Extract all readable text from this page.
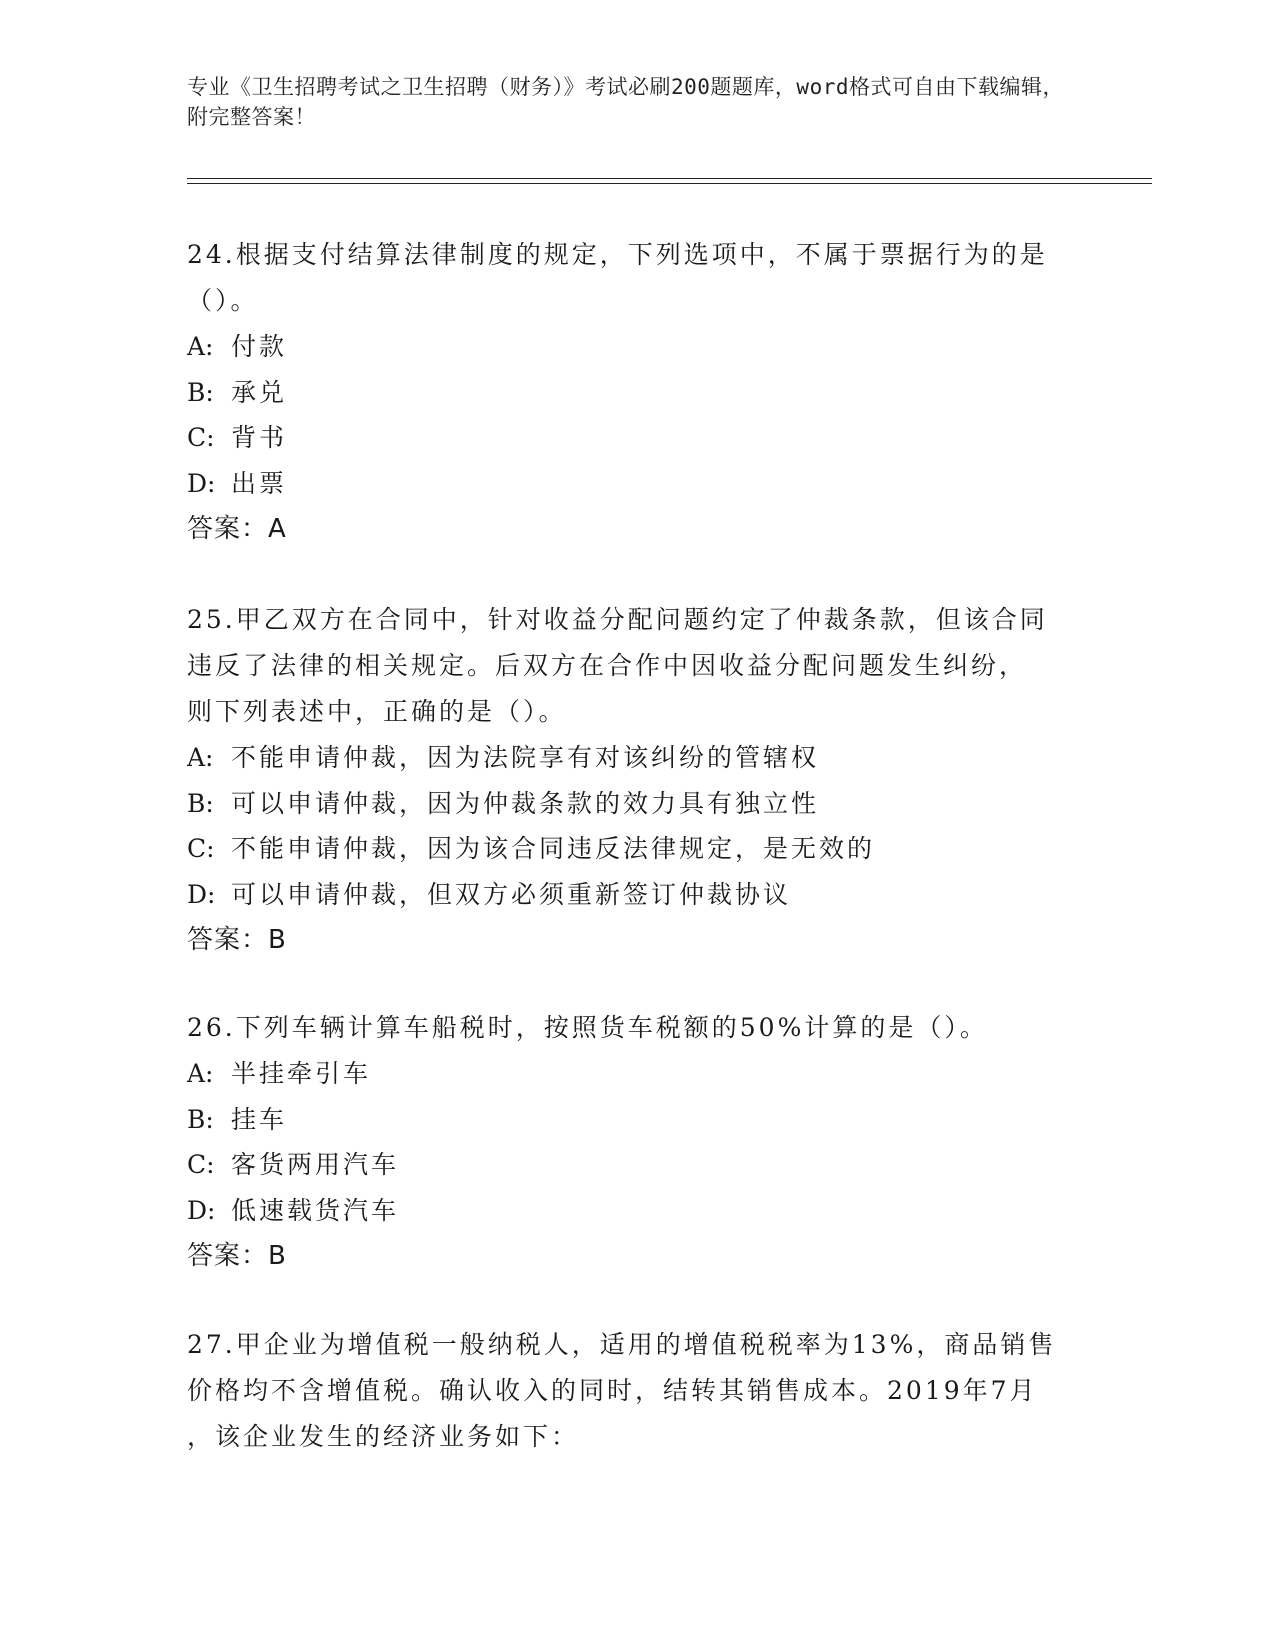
专业《卫生招聘考试之卫生招聘（财务）》考试必刷200题题库，word格式可自由下载编辑，附完整答案！

24.根据支付结算法律制度的规定，下列选项中，不属于票据行为的是

（）。

A: 付款

B: 承兑

C: 背书

D: 出票

答案：A

25.甲乙双方在合同中，针对收益分配问题约定了仲裁条款，但该合同

违反了法律的相关规定。后双方在合作中因收益分配问题发生纠纷，

则下列表述中，正确的是（）。

A: 不能申请仲裁，因为法院享有对该纠纷的管辖权

B: 可以申请仲裁，因为仲裁条款的效力具有独立性

C: 不能申请仲裁，因为该合同违反法律规定，是无效的

D: 可以申请仲裁，但双方必须重新签订仲裁协议

答案：B

26.下列车辆计算车船税时，按照货车税额的50%计算的是（）。

A: 半挂牵引车

B: 挂车

C: 客货两用汽车

D: 低速载货汽车

答案：B

27.甲企业为增值税一般纳税人，适用的增值税税率为13%，商品销售

价格均不含增值税。确认收入的同时，结转其销售成本。2019年7月

，该企业发生的经济业务如下：
